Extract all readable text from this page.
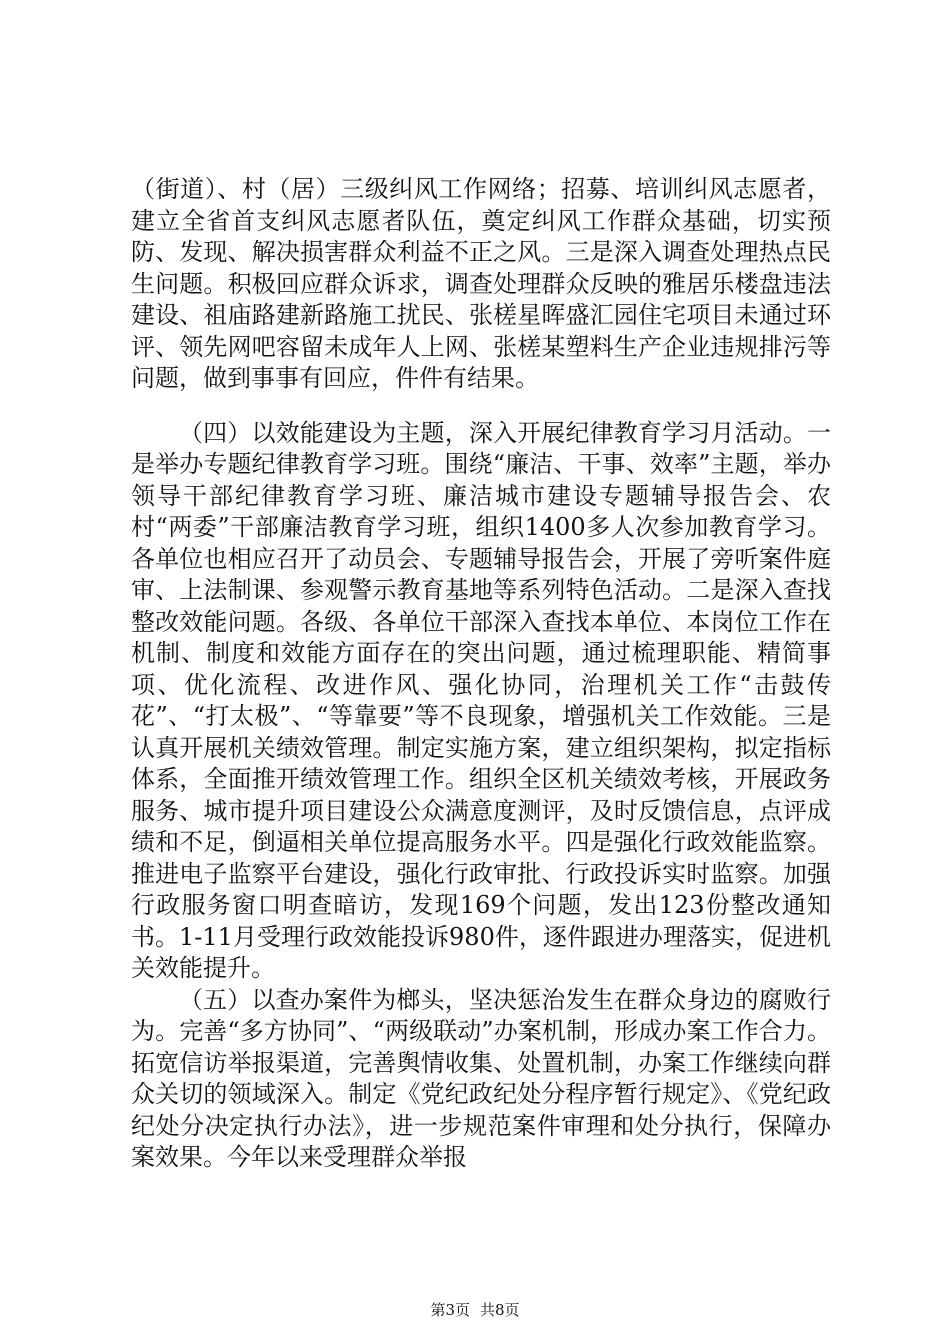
（街道）、村（居）三级纠风工作网络；招募、培训纠风志愿者，建立全省首支纠风志愿者队伍，奠定纠风工作群众基础，切实预防、发现、解决损害群众利益不正之风。三是深入调查处理热点民生问题。积极回应群众诉求，调查处理群众反映的雅居乐楼盘违法建设、祖庙路建新路施工扰民、张槎星晖盛汇园住宅项目未通过环评、领先网吧容留未成年人上网、张槎某塑料生产企业违规排污等问题，做到事事有回应，件件有结果。

（四）以效能建设为主题，深入开展纪律教育学习月活动。一是举办专题纪律教育学习班。围绕“廉洁、干事、效率”主题，举办领导干部纪律教育学习班、廉洁城市建设专题辅导报告会、农村“两委”干部廉洁教育学习班，组织1400多人次参加教育学习。各单位也相应召开了动员会、专题辅导报告会，开展了旁听案件庭审、上法制课、参观警示教育基地等系列特色活动。二是深入查找整改效能问题。各级、各单位干部深入查找本单位、本岗位工作在机制、制度和效能方面存在的突出问题，通过梳理职能、精简事项、优化流程、改进作风、强化协同，治理机关工作“击鼓传花”、“打太极”、“等靠要”等不良现象，增强机关工作效能。三是认真开展机关绩效管理。制定实施方案，建立组织架构，拟定指标体系，全面推开绩效管理工作。组织全区机关绩效考核，开展政务服务、城市提升项目建设公众满意度测评，及时反馈信息，点评成绩和不足，倒逼相关单位提高服务水平。四是强化行政效能监察。推进电子监察平台建设，强化行政审批、行政投诉实时监察。加强行政服务窗口明查暗访，发现169个问题，发出123份整改通知书。1-11月受理行政效能投诉980件，逐件跟进办理落实，促进机关效能提升。

（五）以查办案件为榔头，坚决惩治发生在群众身边的腐败行为。完善“多方协同”、“两级联动”办案机制，形成办案工作合力。拓宽信访举报渠道，完善舆情收集、处置机制，办案工作继续向群众关切的领域深入。制定《党纪政纪处分程序暂行规定》、《党纪政纪处分决定执行办法》，进一步规范案件审理和处分执行，保障办案效果。今年以来受理群众举报

第3页 共8页
